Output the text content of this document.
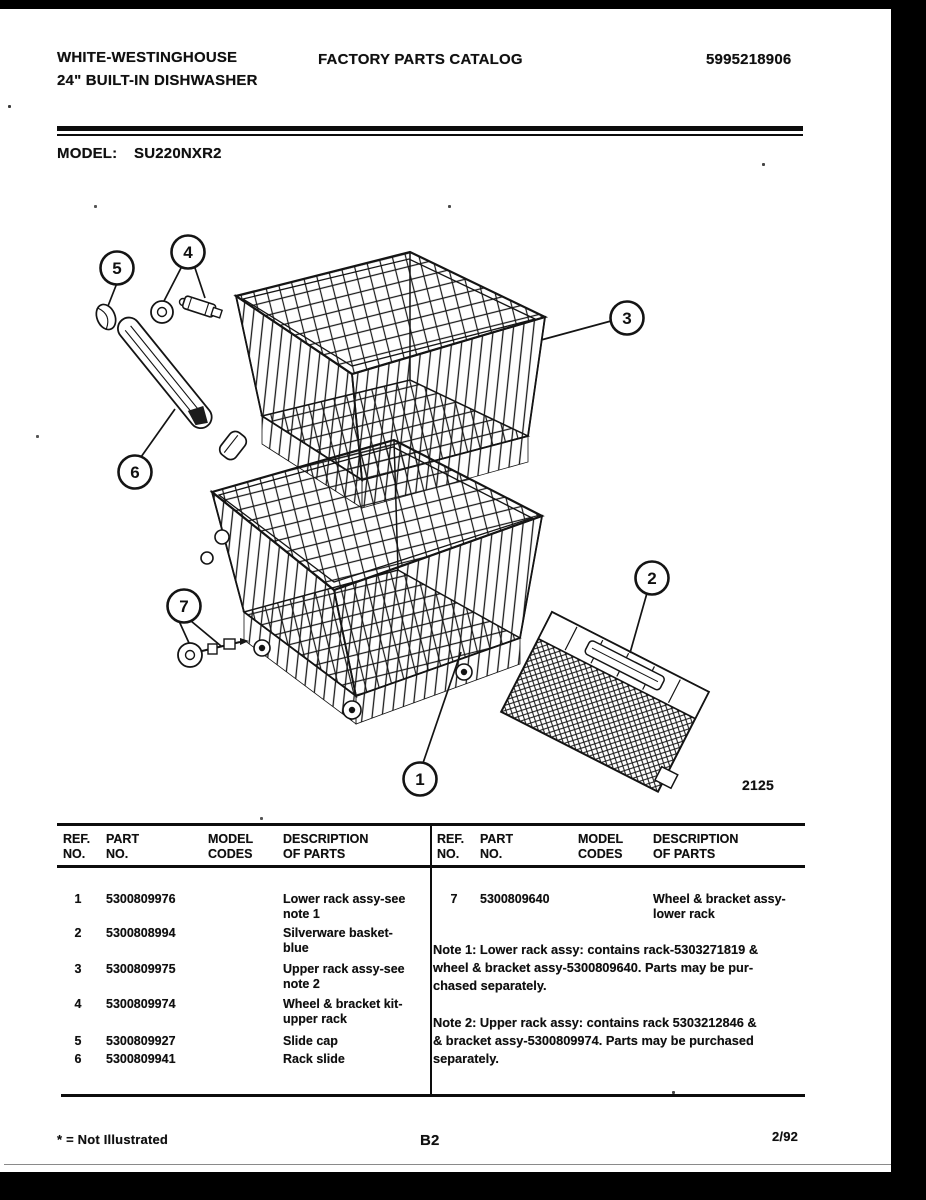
WHITE-WESTINGHOUSE
24" BUILT-IN DISHWASHER
FACTORY PARTS CATALOG	5995218906
MODEL: SU220NXR2
5
4
3
6
7
1
2
2125
REF.
NO.
PART
NO.
MODEL
CODES
DESCRIPTION
OF PARTS
REF.
NO.
PART
NO.
MODEL
CODES
DESCRIPTION
OF PARTS
1	5300809976	Lower rack assy-see
note 1
2	5300808994	Silverware basket-
blue
3	5300809975	Upper rack assy-see
note 2
4	5300809974	Wheel & bracket kit-
upper rack
5	5300809927	Slide cap
6	5300809941	Rack slide
7	5300809640	Wheel & bracket assy-
lower rack
Note 1: Lower rack assy: contains rack-5303271819 &
wheel & bracket assy-5300809640. Parts may be pur-
chased separately.
Note 2: Upper rack assy: contains rack 5303212846 &
& bracket assy-5300809974. Parts may be purchased
separately.
* = Not Illustrated	B2	2/92
